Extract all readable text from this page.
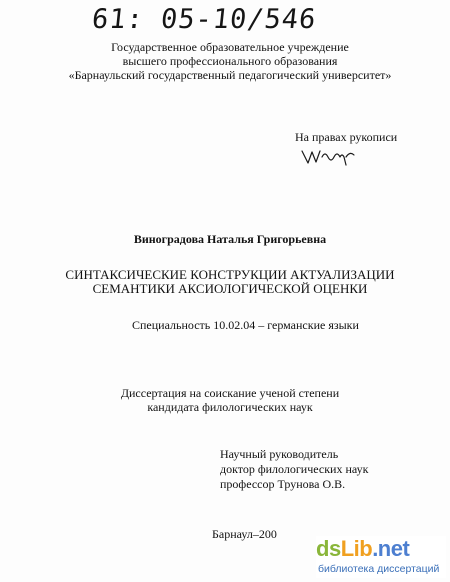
61: 05-10/546
Государственное образовательное учреждение
высшего профессионального образования
«Барнаульский государственный педагогический университет»
На правах рукописи
Виноградова Наталья Григорьевна
СИНТАКСИЧЕСКИЕ КОНСТРУКЦИИ АКТУАЛИЗАЦИИ
СЕМАНТИКИ АКСИОЛОГИЧЕСКОЙ ОЦЕНКИ
Специальность 10.02.04 – германские языки
Диссертация на соискание ученой степени
кандидата филологических наук
Научный руководитель
доктор филологических наук
профессор Трунова О.В.
Барнаул–200
dsLib.net
библиотека диссертаций
